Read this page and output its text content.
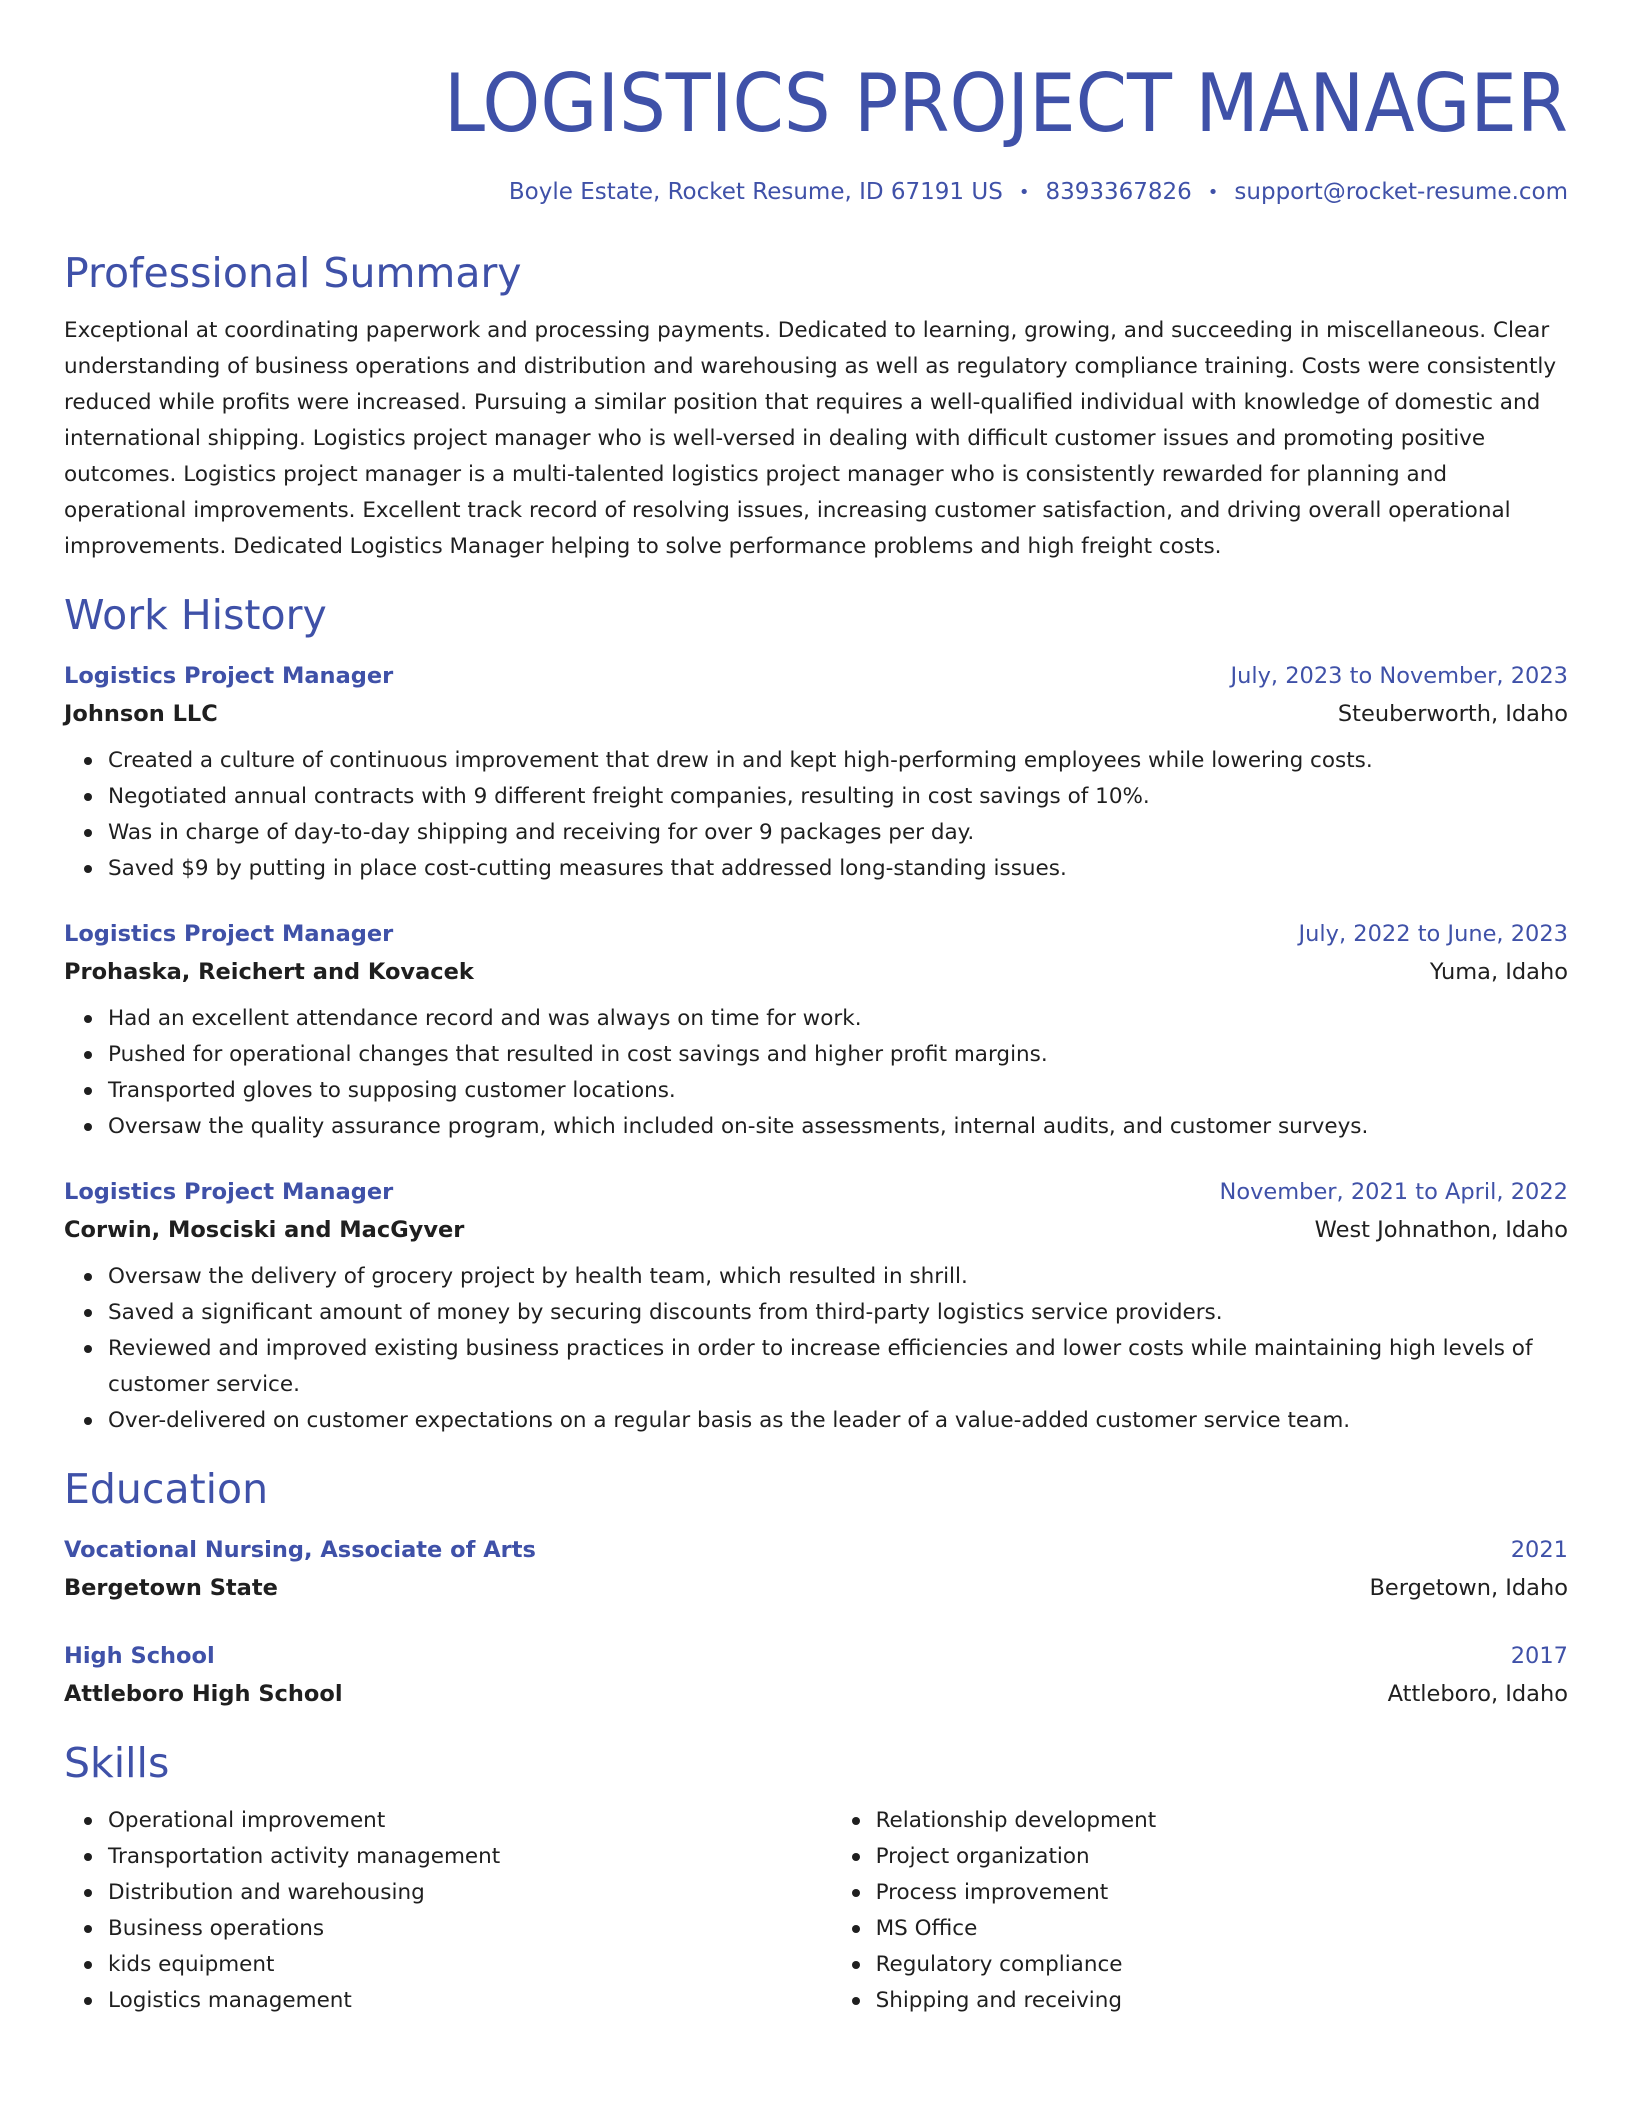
LOGISTICS PROJECT MANAGER
Boyle Estate, Rocket Resume, ID 67191 US • 8393367826 • support@rocket-resume.com
Professional Summary
Exceptional at coordinating paperwork and processing payments. Dedicated to learning, growing, and succeeding in miscellaneous. Clear understanding of business operations and distribution and warehousing as well as regulatory compliance training. Costs were consistently reduced while profits were increased. Pursuing a similar position that requires a well-qualified individual with knowledge of domestic and international shipping. Logistics project manager who is well-versed in dealing with difficult customer issues and promoting positive outcomes. Logistics project manager is a multi-talented logistics project manager who is consistently rewarded for planning and operational improvements. Excellent track record of resolving issues, increasing customer satisfaction, and driving overall operational improvements. Dedicated Logistics Manager helping to solve performance problems and high freight costs.
Work History
Logistics Project Manager	July, 2023 to November, 2023
Johnson LLC	Steuberworth, Idaho
Created a culture of continuous improvement that drew in and kept high-performing employees while lowering costs.
Negotiated annual contracts with 9 different freight companies, resulting in cost savings of 10%.
Was in charge of day-to-day shipping and receiving for over 9 packages per day.
Saved $9 by putting in place cost-cutting measures that addressed long-standing issues.
Logistics Project Manager	July, 2022 to June, 2023
Prohaska, Reichert and Kovacek	Yuma, Idaho
Had an excellent attendance record and was always on time for work.
Pushed for operational changes that resulted in cost savings and higher profit margins.
Transported gloves to supposing customer locations.
Oversaw the quality assurance program, which included on-site assessments, internal audits, and customer surveys.
Logistics Project Manager	November, 2021 to April, 2022
Corwin, Mosciski and MacGyver	West Johnathon, Idaho
Oversaw the delivery of grocery project by health team, which resulted in shrill.
Saved a significant amount of money by securing discounts from third-party logistics service providers.
Reviewed and improved existing business practices in order to increase efficiencies and lower costs while maintaining high levels of customer service.
Over-delivered on customer expectations on a regular basis as the leader of a value-added customer service team.
Education
Vocational Nursing, Associate of Arts	2021
Bergetown State	Bergetown, Idaho
High School	2017
Attleboro High School	Attleboro, Idaho
Skills
Operational improvement
Transportation activity management
Distribution and warehousing
Business operations
kids equipment
Logistics management
Relationship development
Project organization
Process improvement
MS Office
Regulatory compliance
Shipping and receiving
